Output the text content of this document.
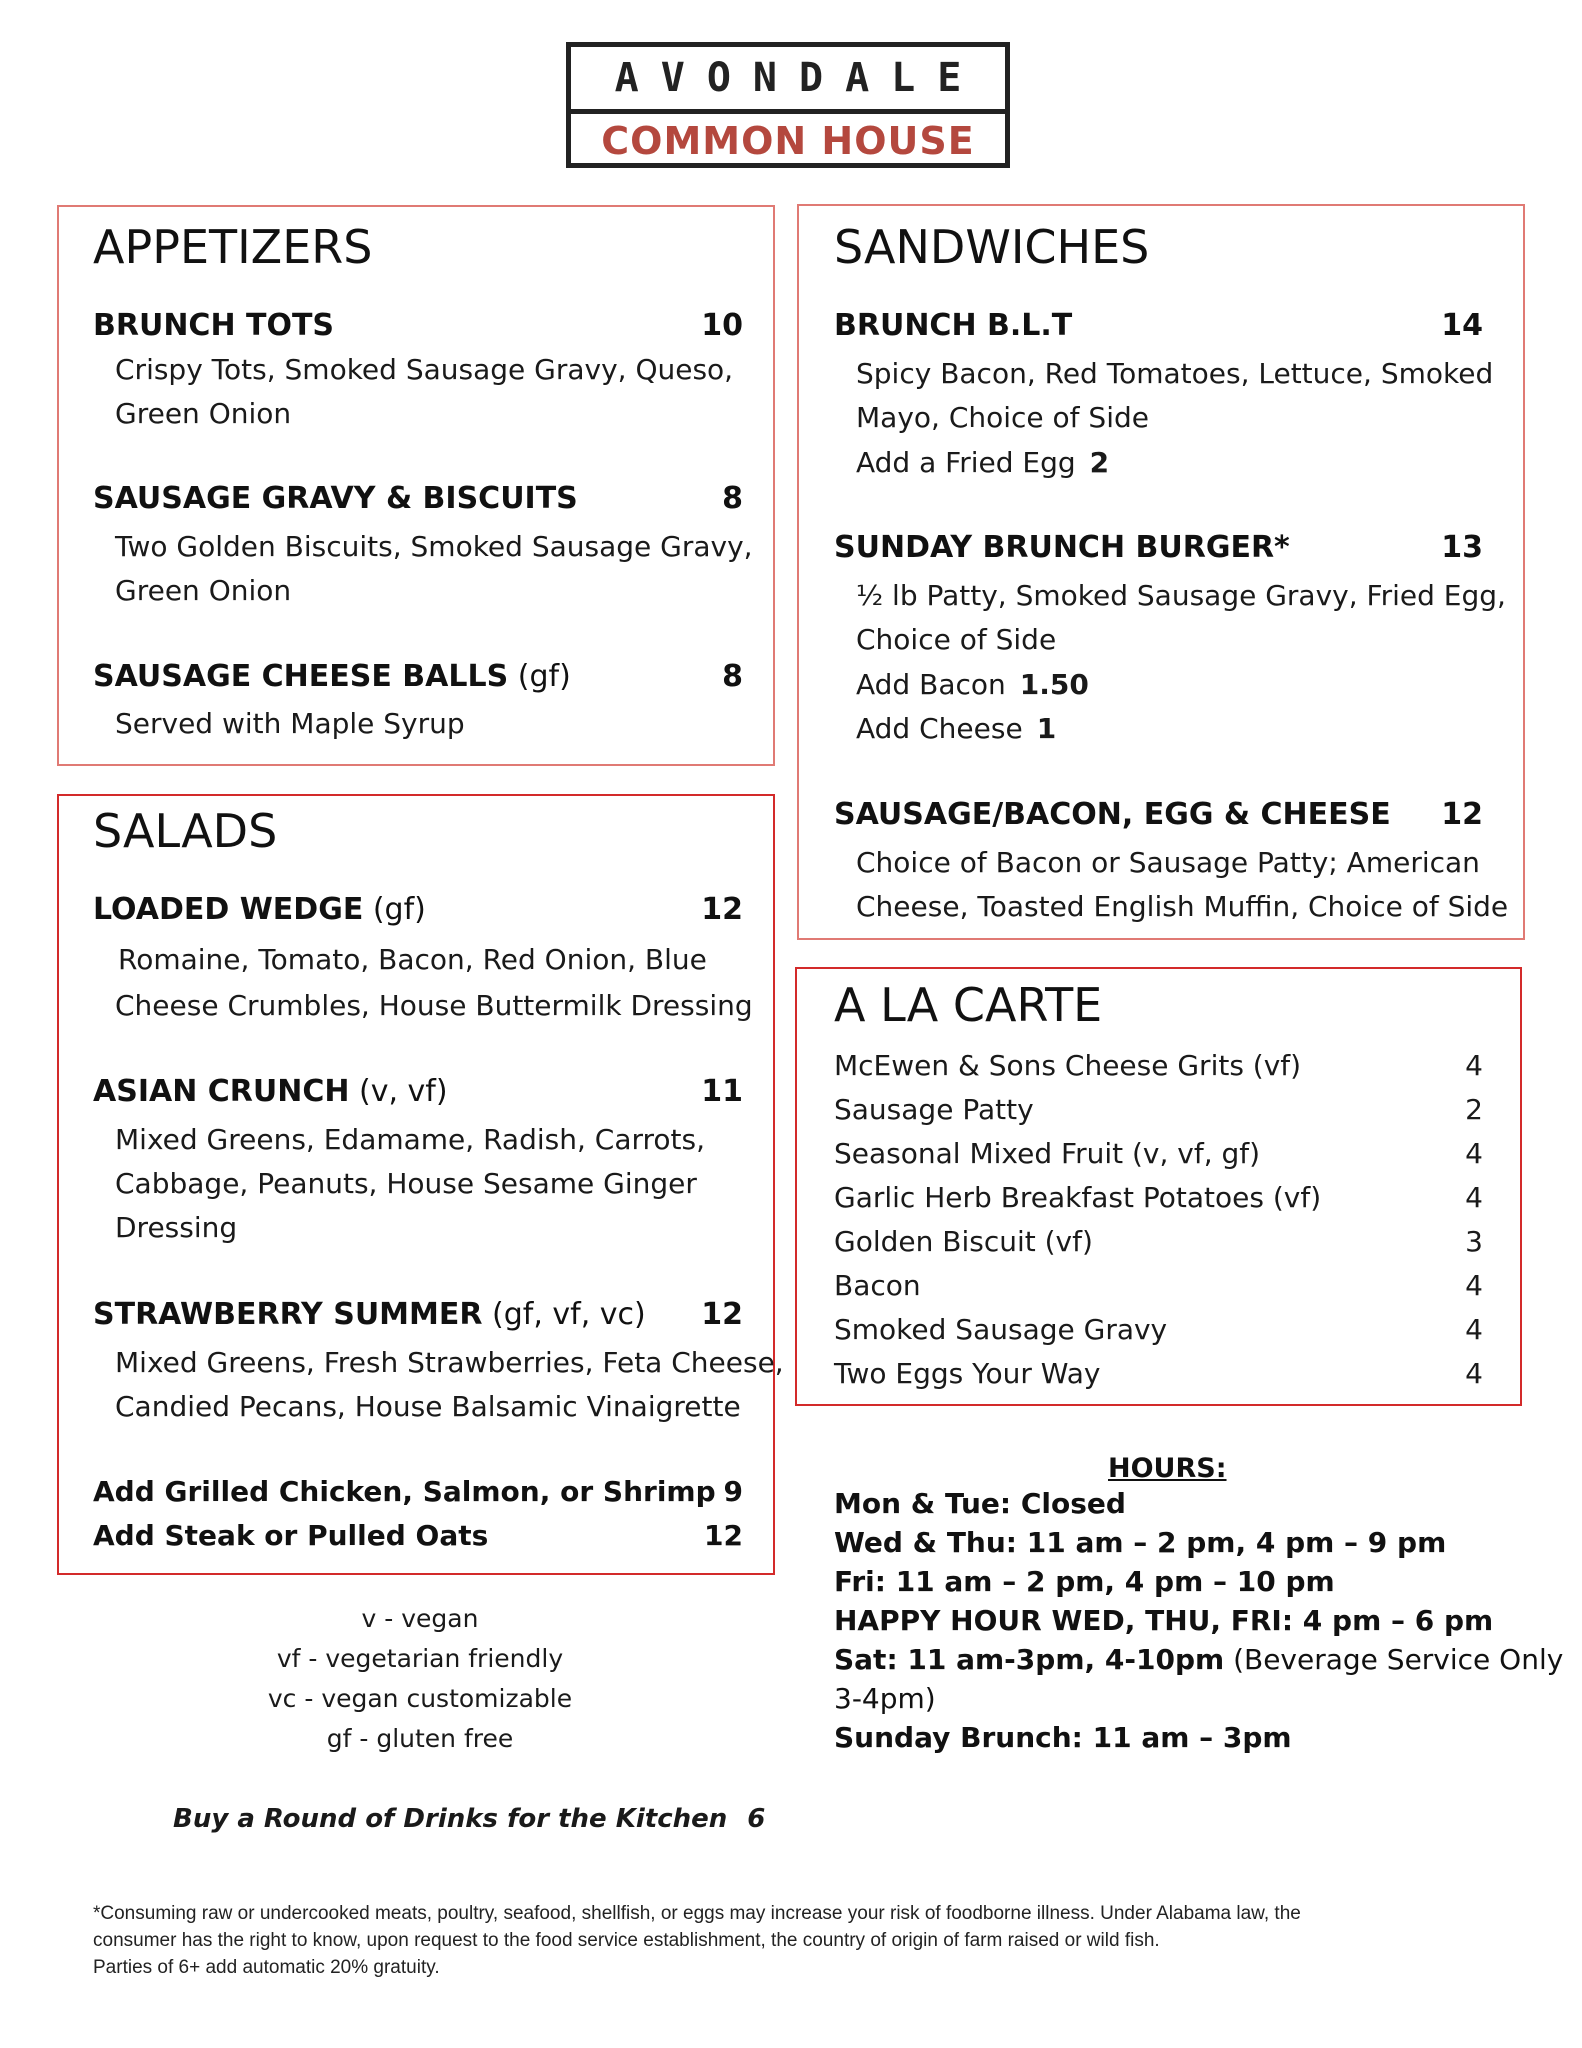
AVONDALE
COMMON HOUSE
APPETIZERS
BRUNCH TOTS	10
Crispy Tots, Smoked Sausage Gravy, Queso,
Green Onion
SAUSAGE GRAVY & BISCUITS	8
Two Golden Biscuits, Smoked Sausage Gravy,
Green Onion
SAUSAGE CHEESE BALLS (gf)	8
Served with Maple Syrup
SALADS
LOADED WEDGE (gf)	12
Romaine, Tomato, Bacon, Red Onion, Blue
Cheese Crumbles, House Buttermilk Dressing
ASIAN CRUNCH (v, vf)	11
Mixed Greens, Edamame, Radish, Carrots,
Cabbage, Peanuts, House Sesame Ginger
Dressing
STRAWBERRY SUMMER (gf, vf, vc)	12
Mixed Greens, Fresh Strawberries, Feta Cheese,
Candied Pecans, House Balsamic Vinaigrette
Add Grilled Chicken, Salmon, or Shrimp 9
Add Steak or Pulled Oats	12
SANDWICHES
BRUNCH B.L.T	14
Spicy Bacon, Red Tomatoes, Lettuce, Smoked
Mayo, Choice of Side
Add a Fried Egg 2
SUNDAY BRUNCH BURGER*	13
½ lb Patty, Smoked Sausage Gravy, Fried Egg,
Choice of Side
Add Bacon 1.50
Add Cheese 1
SAUSAGE/BACON, EGG & CHEESE	12
Choice of Bacon or Sausage Patty; American
Cheese, Toasted English Muffin, Choice of Side
A LA CARTE
McEwen & Sons Cheese Grits (vf)	4
Sausage Patty	2
Seasonal Mixed Fruit (v, vf, gf)	4
Garlic Herb Breakfast Potatoes (vf)	4
Golden Biscuit (vf)	3
Bacon	4
Smoked Sausage Gravy	4
Two Eggs Your Way	4
HOURS:
Mon & Tue: Closed
Wed & Thu: 11 am – 2 pm, 4 pm – 9 pm
Fri: 11 am – 2 pm, 4 pm – 10 pm
HAPPY HOUR WED, THU, FRI: 4 pm – 6 pm
Sat: 11 am-3pm, 4-10pm (Beverage Service Only
3-4pm)
Sunday Brunch: 11 am – 3pm
v - vegan
vf - vegetarian friendly
vc - vegan customizable
gf - gluten free
Buy a Round of Drinks for the Kitchen 6
*Consuming raw or undercooked meats, poultry, seafood, shellfish, or eggs may increase your risk of foodborne illness. Under Alabama law, the
consumer has the right to know, upon request to the food service establishment, the country of origin of farm raised or wild fish.
Parties of 6+ add automatic 20% gratuity.
